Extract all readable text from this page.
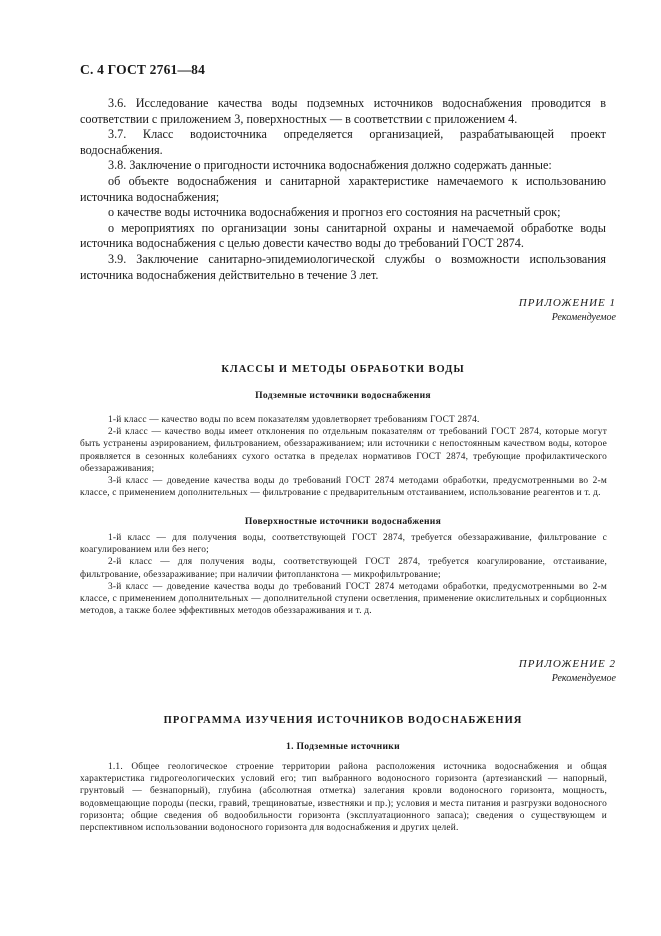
С. 4 ГОСТ 2761—84

3.6. Исследование качества воды подземных источников водоснабжения проводится в соответствии с приложением 3, поверхностных — в соответствии с приложением 4.

3.7. Класс водоисточника определяется организацией, разрабатывающей проект водоснабжения.

3.8. Заключение о пригодности источника водоснабжения должно содержать данные:

об объекте водоснабжения и санитарной характеристике намечаемого к использованию источника водоснабжения;

о качестве воды источника водоснабжения и прогноз его состояния на расчетный срок;

о мероприятиях по организации зоны санитарной охраны и намечаемой обработке воды источника водоснабжения с целью довести качество воды до требований ГОСТ 2874.

3.9. Заключение санитарно-эпидемиологической службы о возможности использования источника водоснабжения действительно в течение 3 лет.

ПРИЛОЖЕНИЕ 1
Рекомендуемое
КЛАССЫ И МЕТОДЫ ОБРАБОТКИ ВОДЫ
Подземные источники водоснабжения

1-й класс — качество воды по всем показателям удовлетворяет требованиям ГОСТ 2874.

2-й класс — качество воды имеет отклонения по отдельным показателям от требований ГОСТ 2874, которые могут быть устранены аэрированием, фильтрованием, обеззараживанием; или источники с непостоянным качеством воды, которое проявляется в сезонных колебаниях сухого остатка в пределах нормативов ГОСТ 2874, требующие профилактического обеззараживания;

3-й класс — доведение качества воды до требований ГОСТ 2874 методами обработки, предусмотренными во 2-м классе, с применением дополнительных — фильтрование с предварительным отстаиванием, использование реагентов и т. д.

Поверхностные источники водоснабжения

1-й класс — для получения воды, соответствующей ГОСТ 2874, требуется обеззараживание, фильтрование с коагулированием или без него;

2-й класс — для получения воды, соответствующей ГОСТ 2874, требуется коагулирование, отстаивание, фильтрование, обеззараживание; при наличии фитопланктона — микрофильтрование;

3-й класс — доведение качества воды до требований ГОСТ 2874 методами обработки, предусмотренными во 2-м классе, с применением дополнительных — дополнительной ступени осветления, применение окислительных и сорбционных методов, а также более эффективных методов обеззараживания и т. д.

ПРИЛОЖЕНИЕ 2
Рекомендуемое
ПРОГРАММА ИЗУЧЕНИЯ ИСТОЧНИКОВ ВОДОСНАБЖЕНИЯ
1. Подземные источники

1.1. Общее геологическое строение территории района расположения источника водоснабжения и общая характеристика гидрогеологических условий его; тип выбранного водоносного горизонта (артезианский — напорный, грунтовый — безнапорный), глубина (абсолютная отметка) залегания кровли водоносного горизонта, мощность, водовмещающие породы (пески, гравий, трещиноватые, известняки и пр.); условия и места питания и разгрузки водоносного горизонта; общие сведения об водообильности горизонта (эксплуатационного запаса); сведения о существующем и перспективном использовании водоносного горизонта для водоснабжения и других целей.
